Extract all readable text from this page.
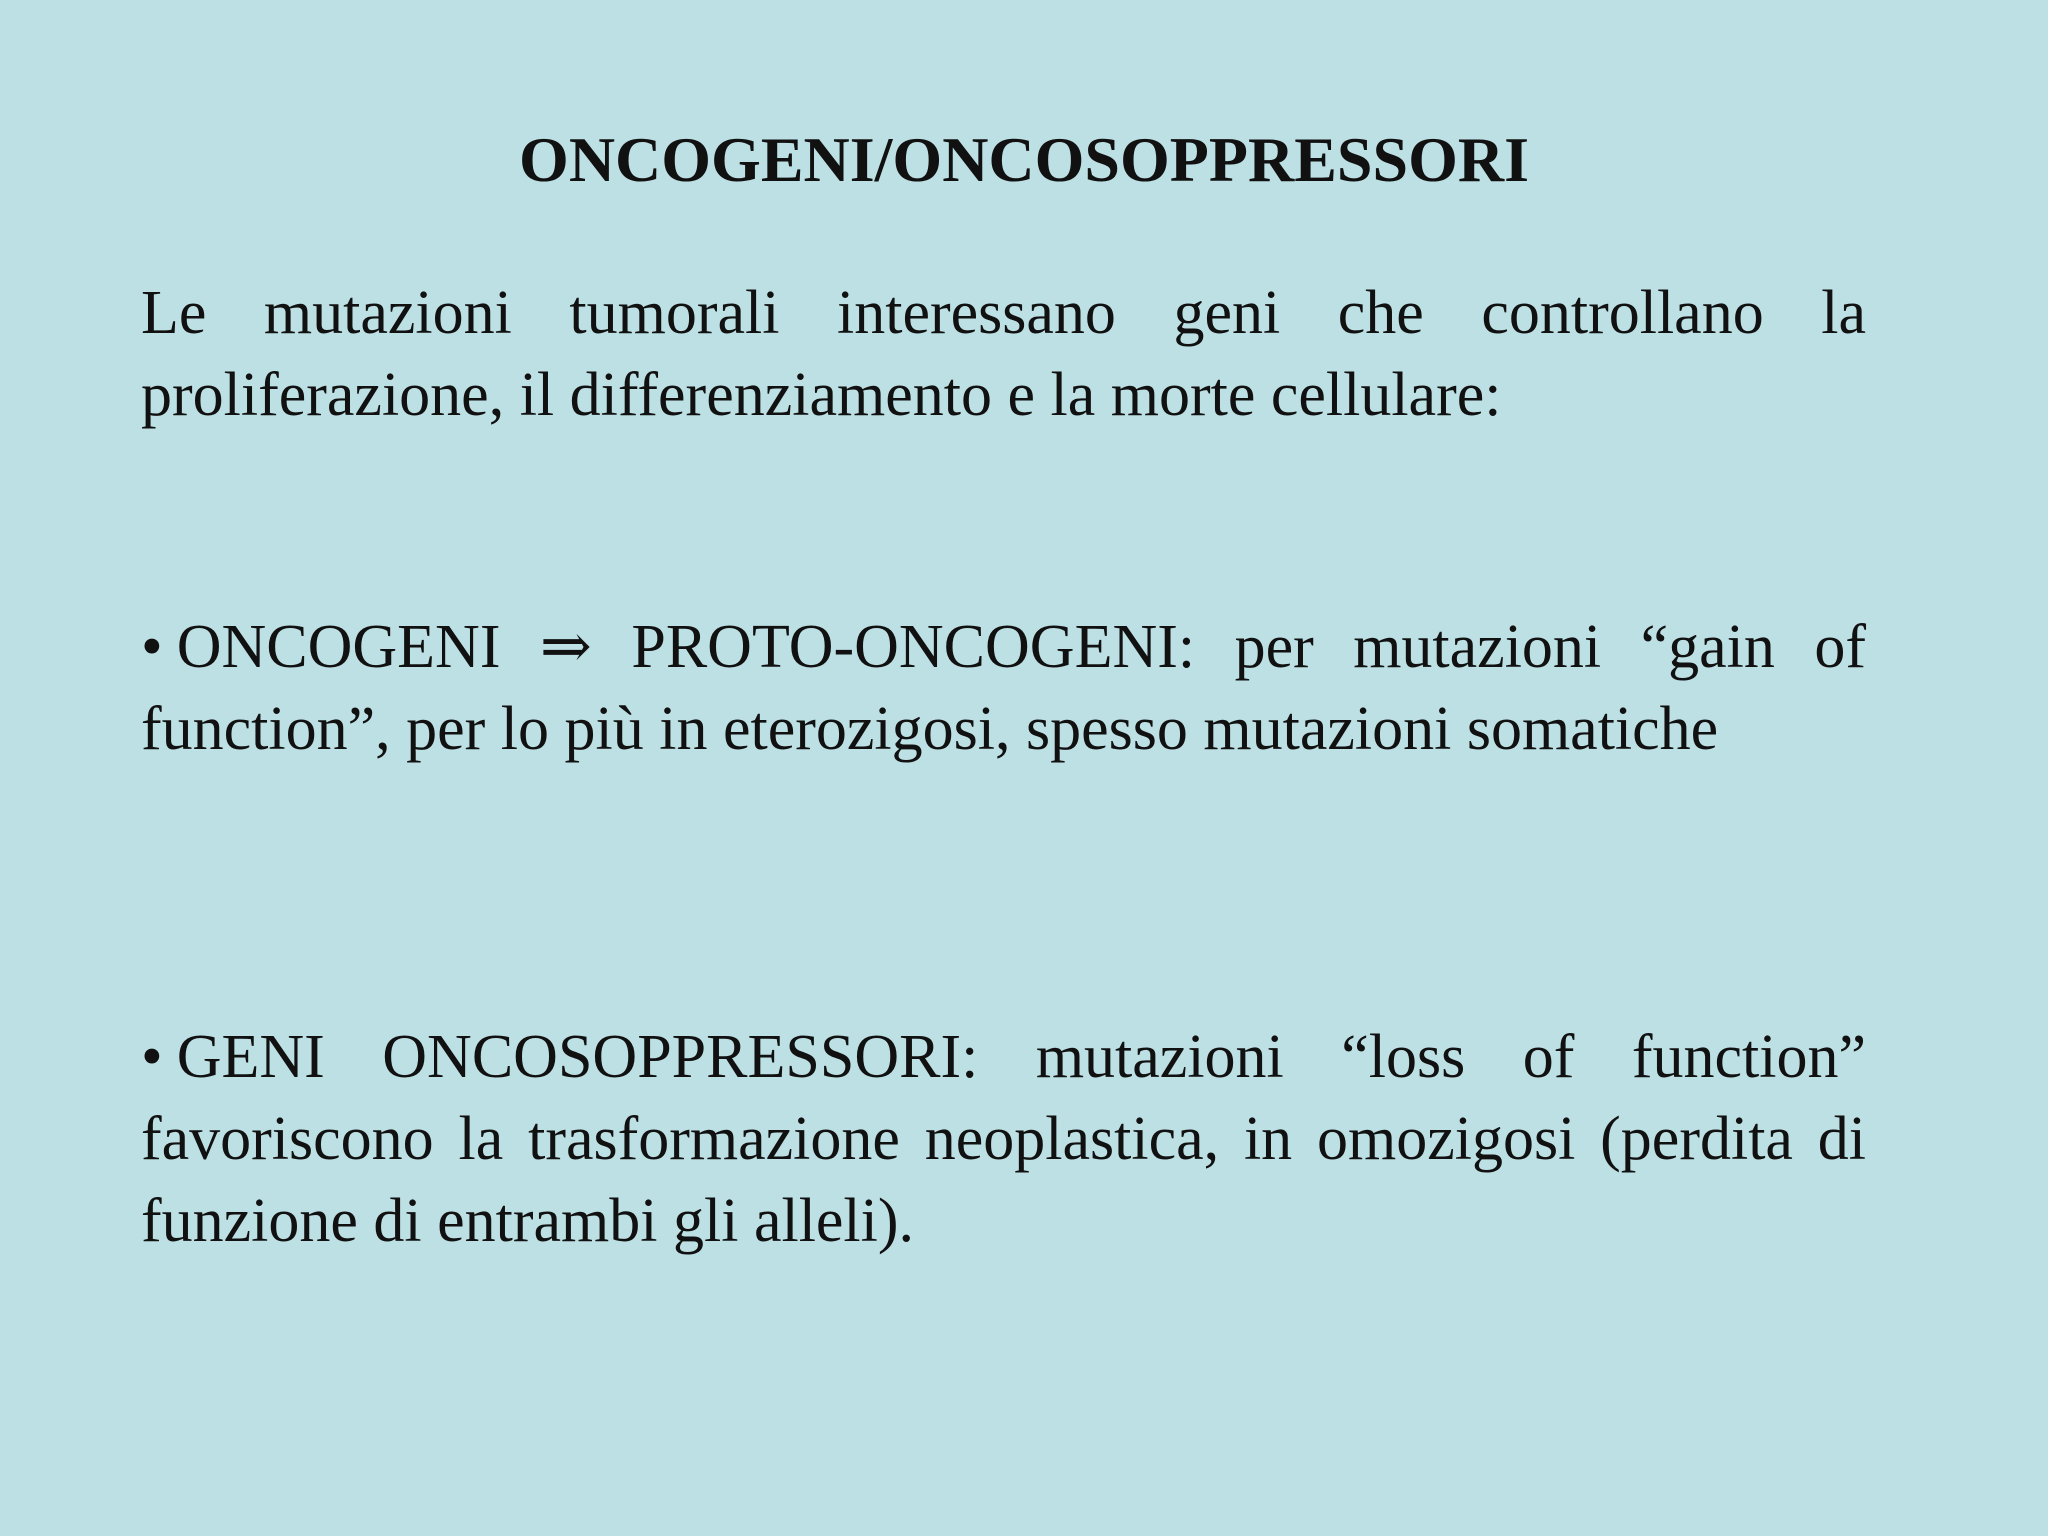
ONCOGENI/ONCOSOPPRESSORI

Le mutazioni tumorali interessano geni che controllano la proliferazione, il differenziamento e la morte cellulare:

• ONCOGENI ⇒ PROTO-ONCOGENI: per mutazioni “gain of function”, per lo più in eterozigosi, spesso mutazioni somatiche

• GENI ONCOSOPPRESSORI: mutazioni “loss of function” favoriscono la trasformazione neoplastica, in omozigosi (perdita di funzione di entrambi gli alleli).
